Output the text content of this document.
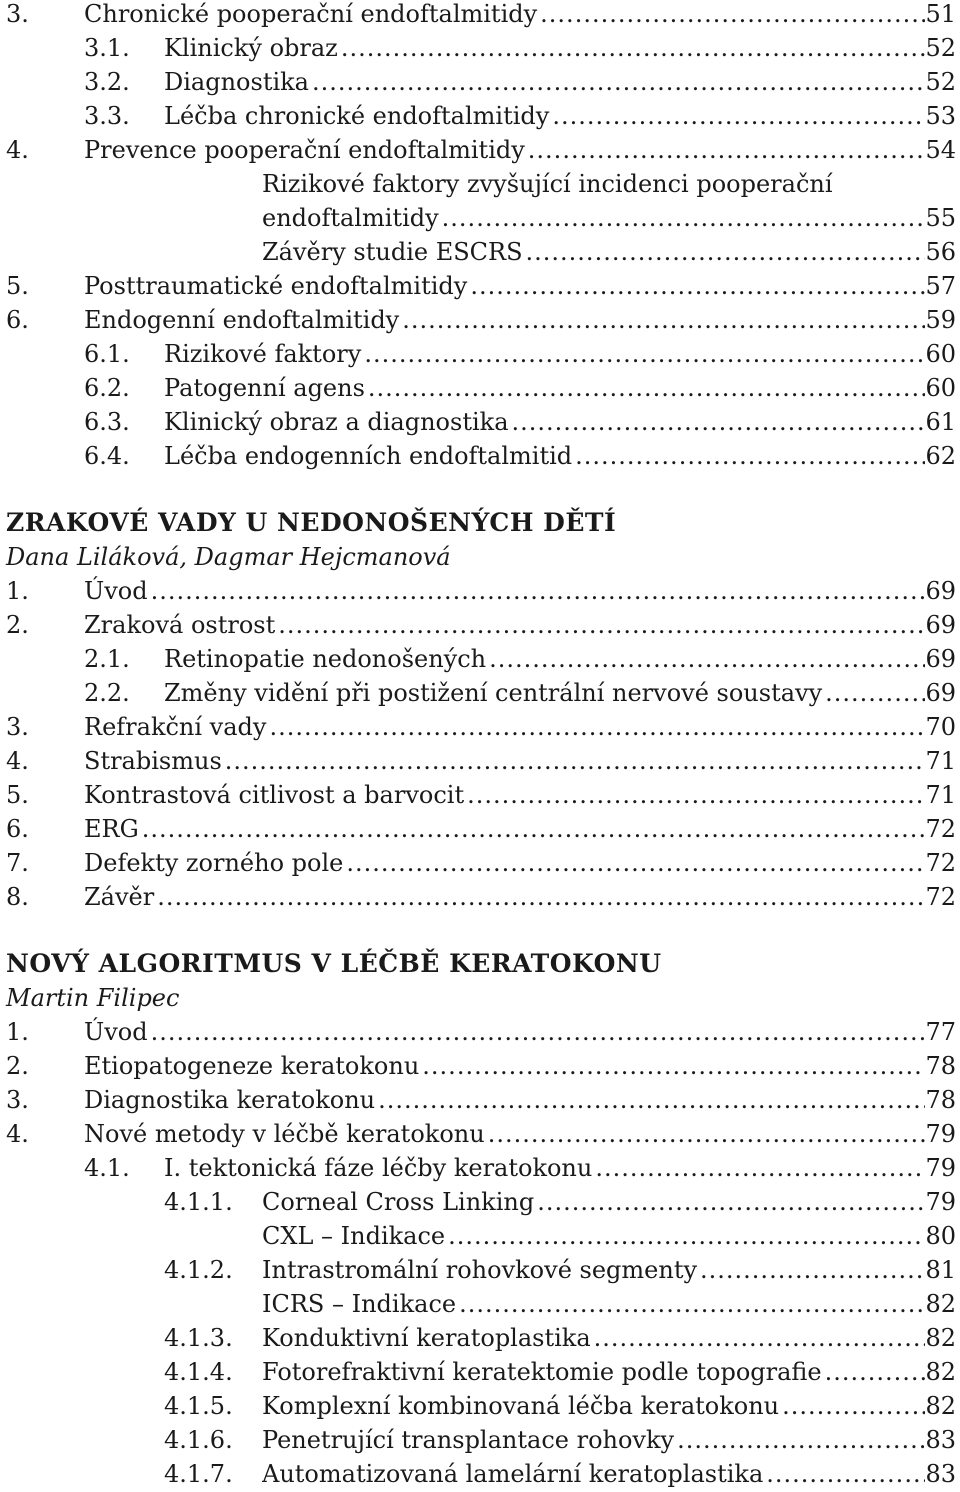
3. Chronické pooperační endoftalmitidy .....	51
3.1. Klinický obraz .....	52
3.2. Diagnostika .....	52
3.3. Léčba chronické endoftalmitidy .....	53
4. Prevence pooperační endoftalmitidy .....	54
Rizikové faktory zvyšující incidenci pooperační
endoftalmitidy .....	55
Závěry studie ESCRS .....	56
5. Posttraumatické endoftalmitidy .....	57
6. Endogenní endoftalmitidy .....	59
6.1. Rizikové faktory .....	60
6.2. Patogenní agens .....	60
6.3. Klinický obraz a diagnostika .....	61
6.4. Léčba endogenních endoftalmitid .....	62
ZRAKOVÉ VADY U NEDONOŠENÝCH DĚTÍ
Dana Liláková, Dagmar Hejcmanová
1. Úvod .....	69
2. Zraková ostrost .....	69
2.1. Retinopatie nedonošených .....	69
2.2. Změny vidění při postižení centrální nervové soustavy .....	69
3. Refrakční vady .....	70
4. Strabismus .....	71
5. Kontrastová citlivost a barvocit .....	71
6. ERG .....	72
7. Defekty zorného pole .....	72
8. Závěr .....	72
NOVÝ ALGORITMUS V LÉČBĚ KERATOKONU
Martin Filipec
1. Úvod .....	77
2. Etiopatogeneze keratokonu .....	78
3. Diagnostika keratokonu .....	78
4. Nové metody v léčbě keratokonu .....	79
4.1. I. tektonická fáze léčby keratokonu .....	79
4.1.1. Corneal Cross Linking .....	79
CXL – Indikace .....	80
4.1.2. Intrastromální rohovkové segmenty .....	81
ICRS – Indikace .....	82
4.1.3. Konduktivní keratoplastika .....	82
4.1.4. Fotorefraktivní keratektomie podle topografie .....	82
4.1.5. Komplexní kombinovaná léčba keratokonu .....	82
4.1.6. Penetrující transplantace rohovky .....	83
4.1.7. Automatizovaná lamelární keratoplastika .....	83
